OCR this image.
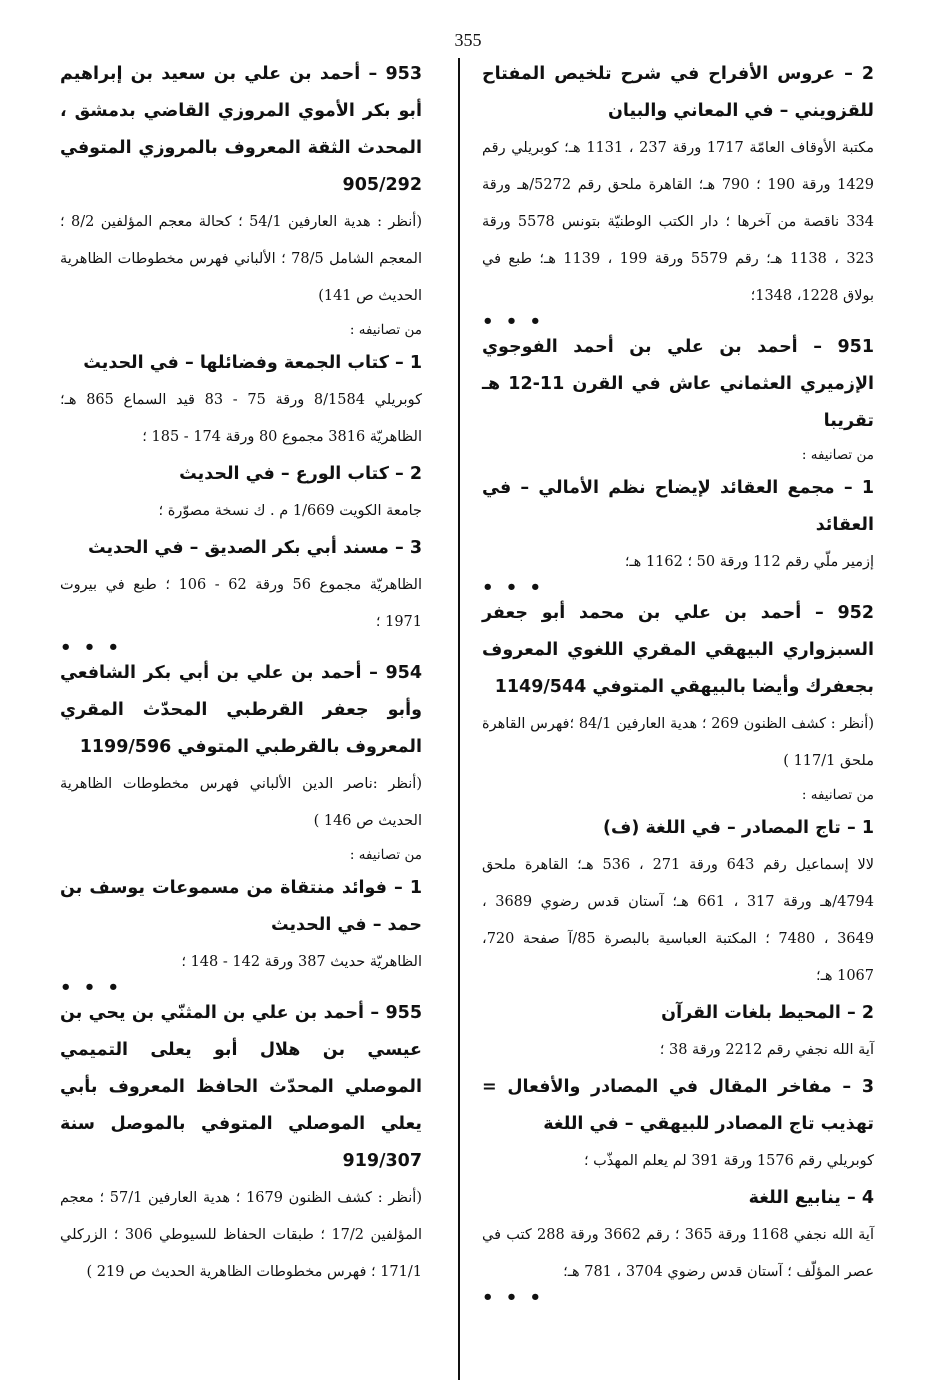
355
2 – عروس الأفراح في شرح تلخيص المفتاح للقزويني – في المعاني والبيان
مكتبة الأوقاف العامّة 1717 ورقة 237 ، 1131 هـ؛ كوبريلي رقم 1429 ورقة 190 ؛ 790 هـ؛ القاهرة ملحق رقم 5272/هـ ورقة 334 ناقصة من آخرها ؛ دار الكتب الوطنيّة بتونس 5578 ورقة 323 ، 1138 هـ؛ رقم 5579 ورقة 199 ، 1139 هـ؛ طبع في بولاق 1228، 1348؛
• • •
951 – أحمد بن علي بن أحمد الفوجوي الإزميري العثماني عاش في القرن 11-12 هـ تقريبا
من تصانيفه :
1 – مجمع العقائد لإيضاح نظم الأمالي – في العقائد
إزمير ملّي رقم 112 ورقة 50 ؛ 1162 هـ؛
• • •
952 – أحمد بن علي بن محمد أبو جعفر السبزواري البيهقي المقري اللغوي المعروف بجعفرك وأيضا بالبيهقي المتوفي 1149/544
(أنظر : كشف الظنون 269 ؛ هدية العارفين 84/1 ؛فهرس القاهرة ملحق 117/1 )
من تصانيفه :
1 – تاج المصادر – في اللغة (ف)
لالا إسماعيل رقم 643 ورقة 271 ، 536 هـ؛ القاهرة ملحق 4794/هـ ورقة 317 ، 661 هـ؛ آستان قدس رضوي 3689 ، 3649 ، 7480 ؛ المكتبة العباسية بالبصرة 85/آ صفحة 720، 1067 هـ؛
2 – المحيط بلغات القرآن
آية الله نجفي رقم 2212 ورقة 38 ؛
3 – مفاخر المقال في المصادر والأفعال = تهذيب تاج المصادر للبيهقي – في اللغة
كوبريلي رقم 1576 ورقة 391 لم يعلم المهذّب ؛
4 – ينابيع اللغة
آية الله نجفي 1168 ورقة 365 ؛ رقم 3662 ورقة 288 كتب في عصر المؤلّف ؛ آستان قدس رضوي 3704 ، 781 هـ؛
• • •
953 – أحمد بن علي بن سعيد بن إبراهيم أبو بكر الأموي المروزي القاضي بدمشق ، المحدث الثقة المعروف بالمروزي المتوفي 905/292
(أنظر : هدية العارفين 54/1 ؛ كحالة معجم المؤلفين 8/2 ؛ المعجم الشامل 78/5 ؛ الألباني فهرس مخطوطات الظاهرية الحديث ص 141)
من تصانيفه :
1 – كتاب الجمعة وفضائلها – في الحديث
كوبريلي 8/1584 ورقة 75 - 83 قيد السماع 865 هـ؛ الظاهريّة 3816 مجموع 80 ورقة 174 - 185 ؛
2 – كتاب الورع – في الحديث
جامعة الكويت 1/669 م . ك نسخة مصوّرة ؛
3 – مسند أبي بكر الصديق – في الحديث
الظاهريّة مجموع 56 ورقة 62 - 106 ؛ طبع في بيروت 1971 ؛
• • •
954 – أحمد بن علي بن أبي بكر الشافعي وأبو جعفر القرطبي المحدّث المقري المعروف بالقرطبي المتوفي 1199/596
(أنظر :ناصر الدين الألباني فهرس مخطوطات الظاهرية الحديث ص 146 )
من تصانيفه :
1 – فوائد منتقاة من مسموعات يوسف بن حمد – في الحديث
الظاهريّة حديث 387 ورقة 142 - 148 ؛
• • •
955 – أحمد بن علي بن المثنّي بن يحي بن عيسي بن هلال أبو يعلى التميمي الموصلي المحدّث الحافظ المعروف بأبي يعلي الموصلي المتوفي بالموصل سنة 919/307
(أنظر : كشف الظنون 1679 ؛ هدية العارفين 57/1 ؛ معجم المؤلفين 17/2 ؛ طبقات الحفاظ للسيوطي 306 ؛ الزركلي 171/1 ؛ فهرس مخطوطات الظاهرية الحديث ص 219 )
